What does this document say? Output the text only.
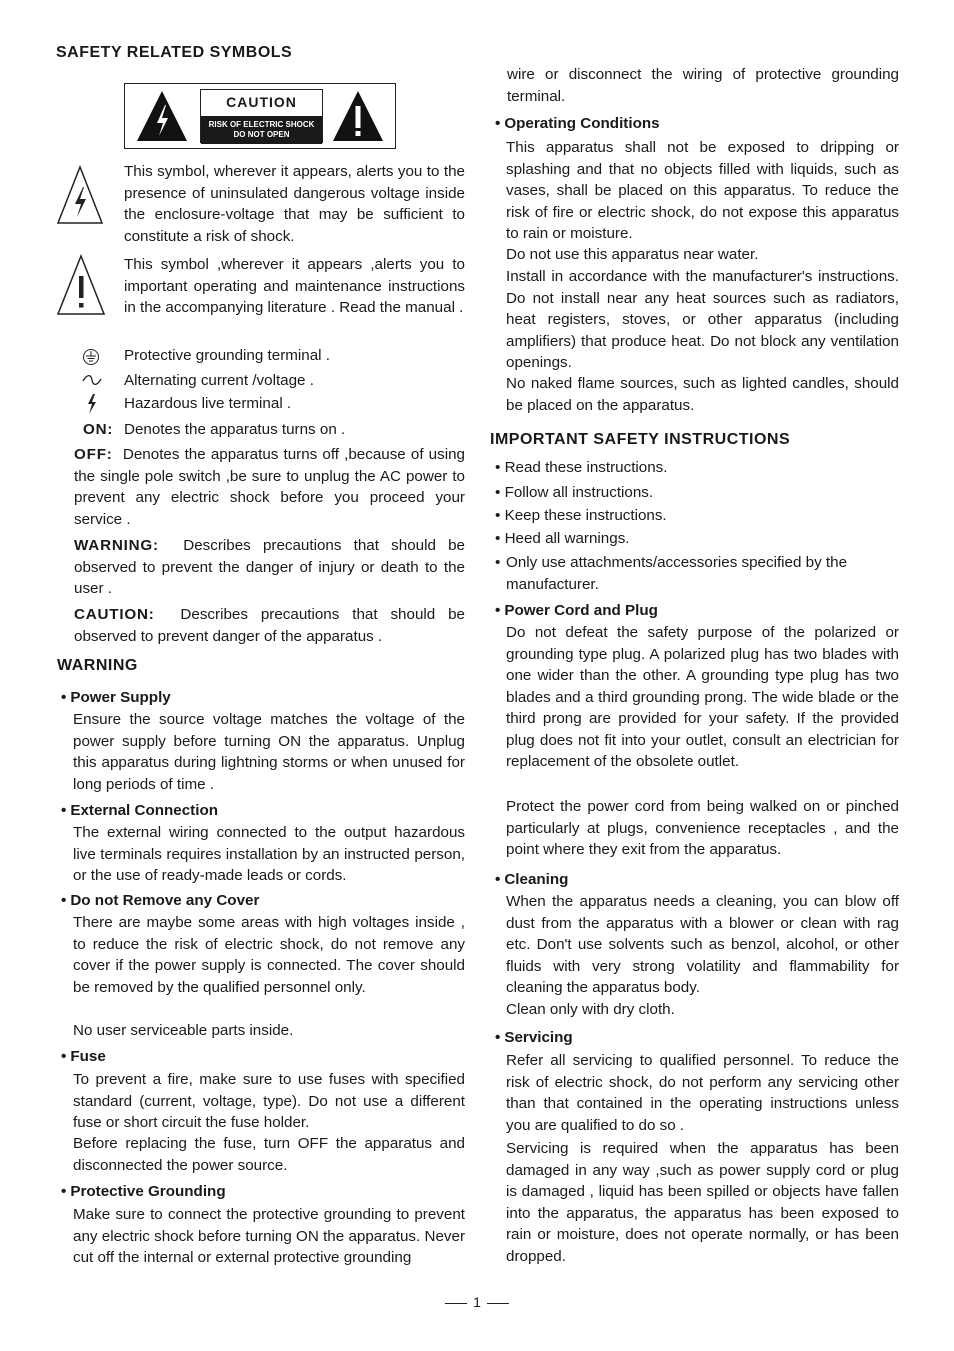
SAFETY RELATED SYMBOLS
CAUTION
RISK OF ELECTRIC SHOCK
DO NOT OPEN
This symbol, wherever it appears, alerts you to the presence of uninsulated dangerous voltage inside the enclosure-voltage that may be sufficient to constitute a risk of shock.
This symbol ,wherever it appears ,alerts you to important operating and maintenance instructions in the accompanying literature . Read the manual .
Protective grounding terminal .
Alternating current /voltage .
Hazardous live terminal .
ON: Denotes the apparatus turns on .
OFF: Denotes the apparatus turns off ,because of using the single pole switch ,be sure to unplug the AC power to prevent any electric shock before you proceed your service .
WARNING: Describes precautions that should be observed to prevent the danger of injury or death to the user .
CAUTION: Describes precautions that should be observed to prevent danger of the apparatus .
WARNING
• Power Supply
Ensure the source voltage matches the voltage of the power supply before turning ON the apparatus. Unplug this apparatus during lightning storms or when unused for long periods of time .
• External Connection
The external wiring connected to the output hazardous live terminals requires installation by an instructed person, or the use of ready-made leads or cords.
• Do not Remove any Cover
There are maybe some areas with high voltages inside , to reduce the risk of electric shock, do not remove any cover if the power supply is connected. The cover should be removed by the qualified personnel only.
No user serviceable parts inside.
• Fuse
To prevent a fire, make sure to use fuses with specified standard (current, voltage, type). Do not use a different fuse or short circuit the fuse holder.
Before replacing the fuse, turn OFF the apparatus and disconnected the power source.
• Protective Grounding
Make sure to connect the protective grounding to prevent any electric shock before turning ON the apparatus. Never cut off the internal or external protective grounding
wire or disconnect the wiring of protective grounding terminal.
• Operating Conditions
This apparatus shall not be exposed to dripping or splashing and that no objects filled with liquids, such as vases, shall be placed on this apparatus. To reduce the risk of fire or electric shock, do not expose this apparatus to rain or moisture.
Do not use this apparatus near water.
Install in accordance with the manufacturer's instructions. Do not install near any heat sources such as radiators, heat registers, stoves, or other apparatus (including amplifiers) that produce heat. Do not block any ventilation openings.
No naked flame sources, such as lighted candles, should be placed on the apparatus.
IMPORTANT SAFETY INSTRUCTIONS
• Read these instructions.
• Follow all instructions.
• Keep these instructions.
• Heed all warnings.
• Only use attachments/accessories specified by the manufacturer.
• Power Cord and Plug
Do not defeat the safety purpose of the polarized or grounding type plug. A polarized plug has two blades with one wider than the other. A grounding type plug has two blades and a third grounding prong. The wide blade or the third prong are provided for your safety. If the provided plug does not fit into your outlet, consult an electrician for replacement of the obsolete outlet.
Protect the power cord from being walked on or pinched particularly at plugs, convenience receptacles , and the point where they exit from the apparatus.
• Cleaning
When the apparatus needs a cleaning, you can blow off dust from the apparatus with a blower or clean with rag etc. Don't use solvents such as benzol, alcohol, or other fluids with very strong volatility and flammability for cleaning the apparatus body.
Clean only with dry cloth.
• Servicing
Refer all servicing to qualified personnel. To reduce the risk of electric shock, do not perform any servicing other than that contained in the operating instructions unless you are qualified to do so .
Servicing is required when the apparatus has been damaged in any way ,such as power supply cord or plug is damaged , liquid has been spilled or objects have fallen into the apparatus, the apparatus has been exposed to rain or moisture, does not operate normally, or has been dropped.
1
